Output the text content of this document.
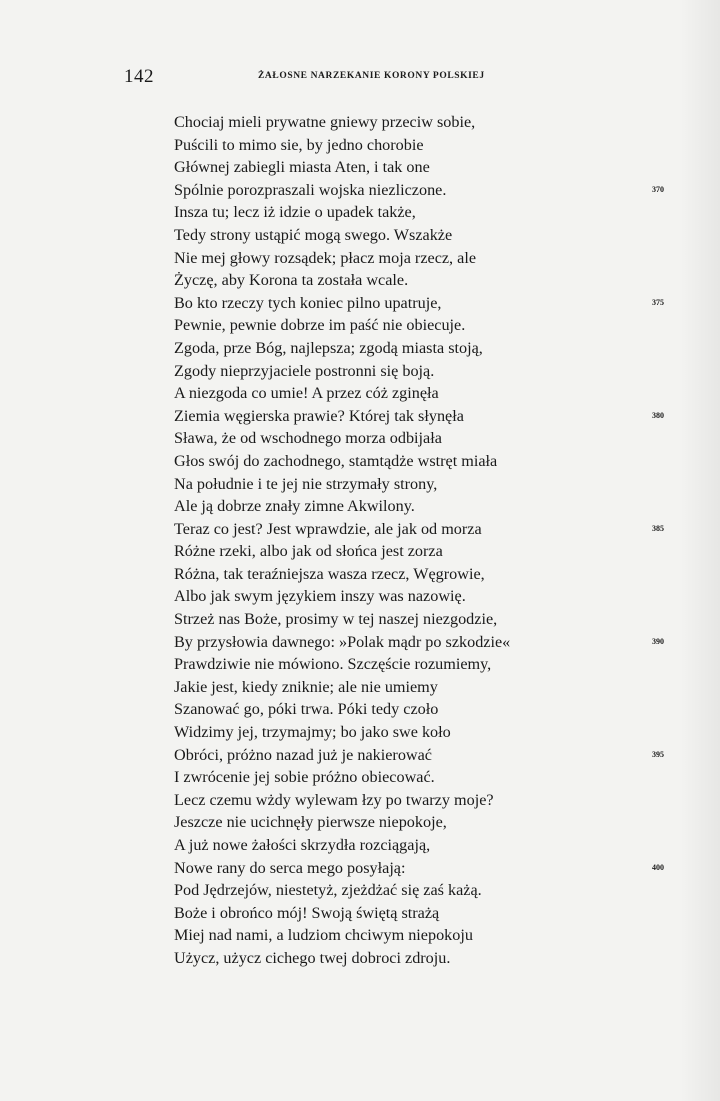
142	ŻAŁOSNE NARZEKANIE KORONY POLSKIEJ
Chociaj mieli prywatne gniewy przeciw sobie,
Puścili to mimo sie, by jedno chorobie
Głównej zabiegli miasta Aten, i tak one
Spólnie porozpraszali wojska niezliczone.	370
Insza tu; lecz iż idzie o upadek także,
Tedy strony ustąpić mogą swego. Wszakże
Nie mej głowy rozsądek; płacz moja rzecz, ale
Życzę, aby Korona ta została wcale.
Bo kto rzeczy tych koniec pilno upatruje,	375
Pewnie, pewnie dobrze im paść nie obiecuje.
Zgoda, prze Bóg, najlepsza; zgodą miasta stoją,
Zgody nieprzyjaciele postronni się boją.
A niezgoda co umie! A przez cóż zginęła
Ziemia węgierska prawie? Której tak słynęła	380
Sława, że od wschodnego morza odbijała
Głos swój do zachodnego, stamtądże wstręt miała
Na południe i te jej nie strzymały strony,
Ale ją dobrze znały zimne Akwilony.
Teraz co jest? Jest wprawdzie, ale jak od morza	385
Różne rzeki, albo jak od słońca jest zorza
Różna, tak teraźniejsza wasza rzecz, Węgrowie,
Albo jak swym językiem inszy was nazowię.
Strzeż nas Boże, prosimy w tej naszej niezgodzie,
By przysłowia dawnego: »Polak mądr po szkodzie«	390
Prawdziwie nie mówiono. Szczęście rozumiemy,
Jakie jest, kiedy zniknie; ale nie umiemy
Szanować go, póki trwa. Póki tedy czoło
Widzimy jej, trzymajmy; bo jako swe koło
Obróci, próżno nazad już je nakierować	395
I zwrócenie jej sobie próżno obiecować.
Lecz czemu wżdy wylewam łzy po twarzy moje?
Jeszcze nie ucichnęły pierwsze niepokoje,
A już nowe żałości skrzydła rozciągają,
Nowe rany do serca mego posyłają:	400
Pod Jędrzejów, niestetyż, zjeżdżać się zaś każą.
Boże i obrońco mój! Swoją świętą strażą
Miej nad nami, a ludziom chciwym niepokoju
Użycz, użycz cichego twej dobroci zdroju.
